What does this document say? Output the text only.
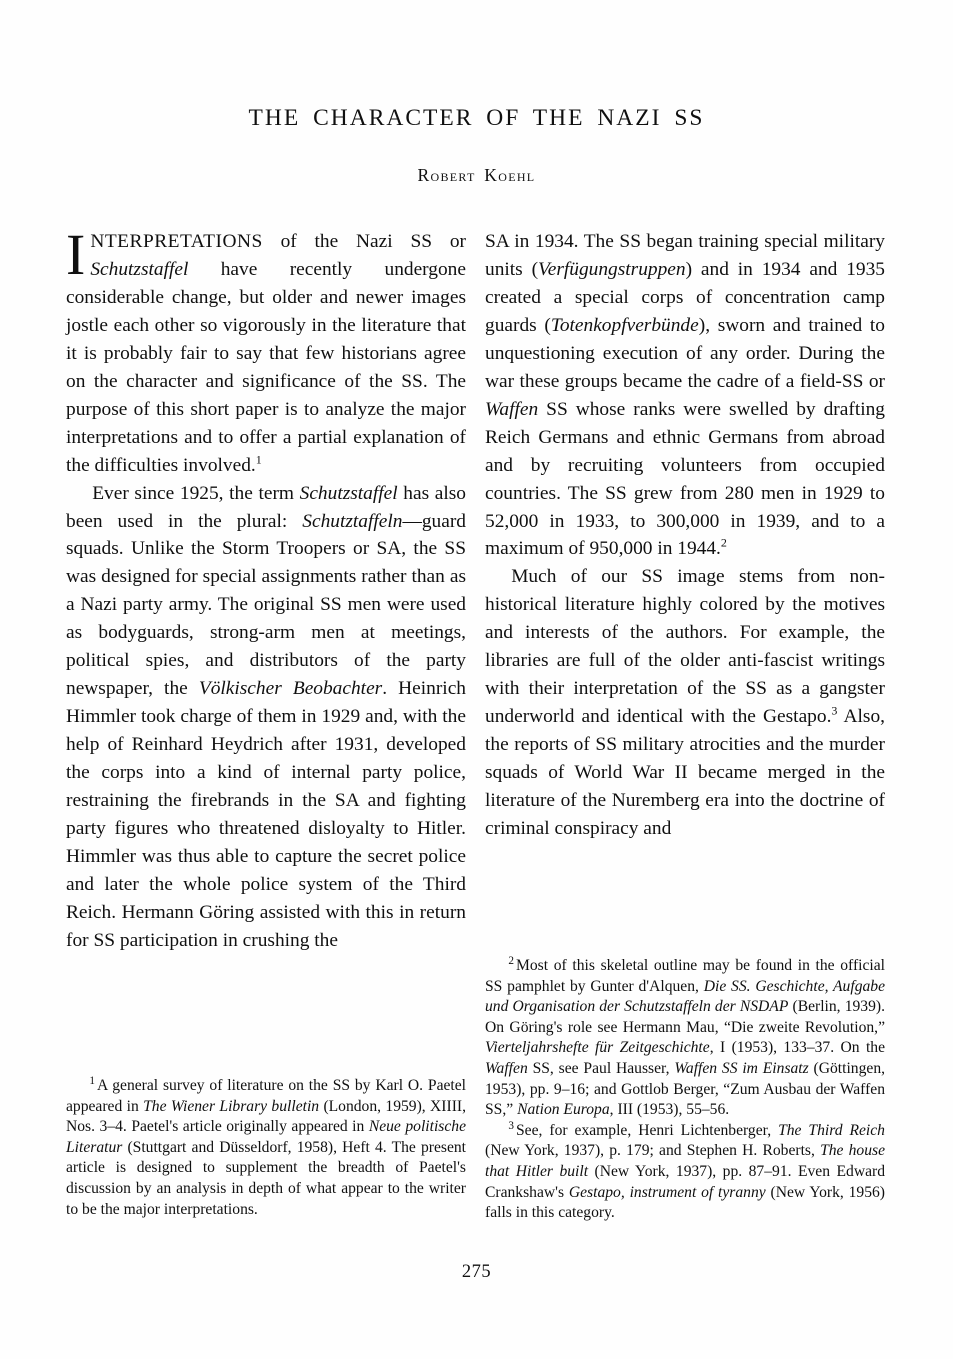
THE CHARACTER OF THE NAZI SS

Robert Koehl

INTERPRETATIONS of the Nazi SS or Schutzstaffel have recently undergone considerable change, but older and newer images jostle each other so vigorously in the literature that it is probably fair to say that few historians agree on the character and significance of the SS. The purpose of this short paper is to analyze the major interpretations and to offer a partial explanation of the difficulties involved.$^1$

Ever since 1925, the term Schutzstaffel has also been used in the plural: Schutztaffeln—guard squads. Unlike the Storm Troopers or SA, the SS was designed for special assignments rather than as a Nazi party army. The original SS men were used as bodyguards, strong-arm men at meetings, political spies, and distributors of the party newspaper, the Völkischer Beobachter. Heinrich Himmler took charge of them in 1929 and, with the help of Reinhard Heydrich after 1931, developed the corps into a kind of internal party police, restraining the firebrands in the SA and fighting party figures who threatened disloyalty to Hitler. Himmler was thus able to capture the secret police and later the whole police system of the Third Reich. Hermann Göring assisted with this in return for SS participation in crushing the

SA in 1934. The SS began training special military units (Verfügungstruppen) and in 1934 and 1935 created a special corps of concentration camp guards (Totenkopfverbünde), sworn and trained to unquestioning execution of any order. During the war these groups became the cadre of a field-SS or Waffen SS whose ranks were swelled by drafting Reich Germans and ethnic Germans from abroad and by recruiting volunteers from occupied countries. The SS grew from 280 men in 1929 to 52,000 in 1933, to 300,000 in 1939, and to a maximum of 950,000 in 1944.$^2$

Much of our SS image stems from non-historical literature highly colored by the motives and interests of the authors. For example, the libraries are full of the older anti-fascist writings with their interpretation of the SS as a gangster underworld and identical with the Gestapo.$^3$ Also, the reports of SS military atrocities and the murder squads of World War II became merged in the literature of the Nuremberg era into the doctrine of criminal conspiracy and

$^1$ A general survey of literature on the SS by Karl O. Paetel appeared in The Wiener Library bulletin (London, 1959), XIIII, Nos. 3–4. Paetel's article originally appeared in Neue politische Literatur (Stuttgart and Düsseldorf, 1958), Heft 4. The present article is designed to supplement the breadth of Paetel's discussion by an analysis in depth of what appear to the writer to be the major interpretations.

$^2$ Most of this skeletal outline may be found in the official SS pamphlet by Gunter d'Alquen, Die SS. Geschichte, Aufgabe und Organisation der Schutzstaffeln der NSDAP (Berlin, 1939). On Göring's role see Hermann Mau, “Die zweite Revolution,” Vierteljahrshefte für Zeitgeschichte, I (1953), 133–37. On the Waffen SS, see Paul Hausser, Waffen SS im Einsatz (Göttingen, 1953), pp. 9–16; and Gottlob Berger, “Zum Ausbau der Waffen SS,” Nation Europa, III (1953), 55–56.

$^3$ See, for example, Henri Lichtenberger, The Third Reich (New York, 1937), p. 179; and Stephen H. Roberts, The house that Hitler built (New York, 1937), pp. 87–91. Even Edward Crankshaw's Gestapo, instrument of tyranny (New York, 1956) falls in this category.

275
